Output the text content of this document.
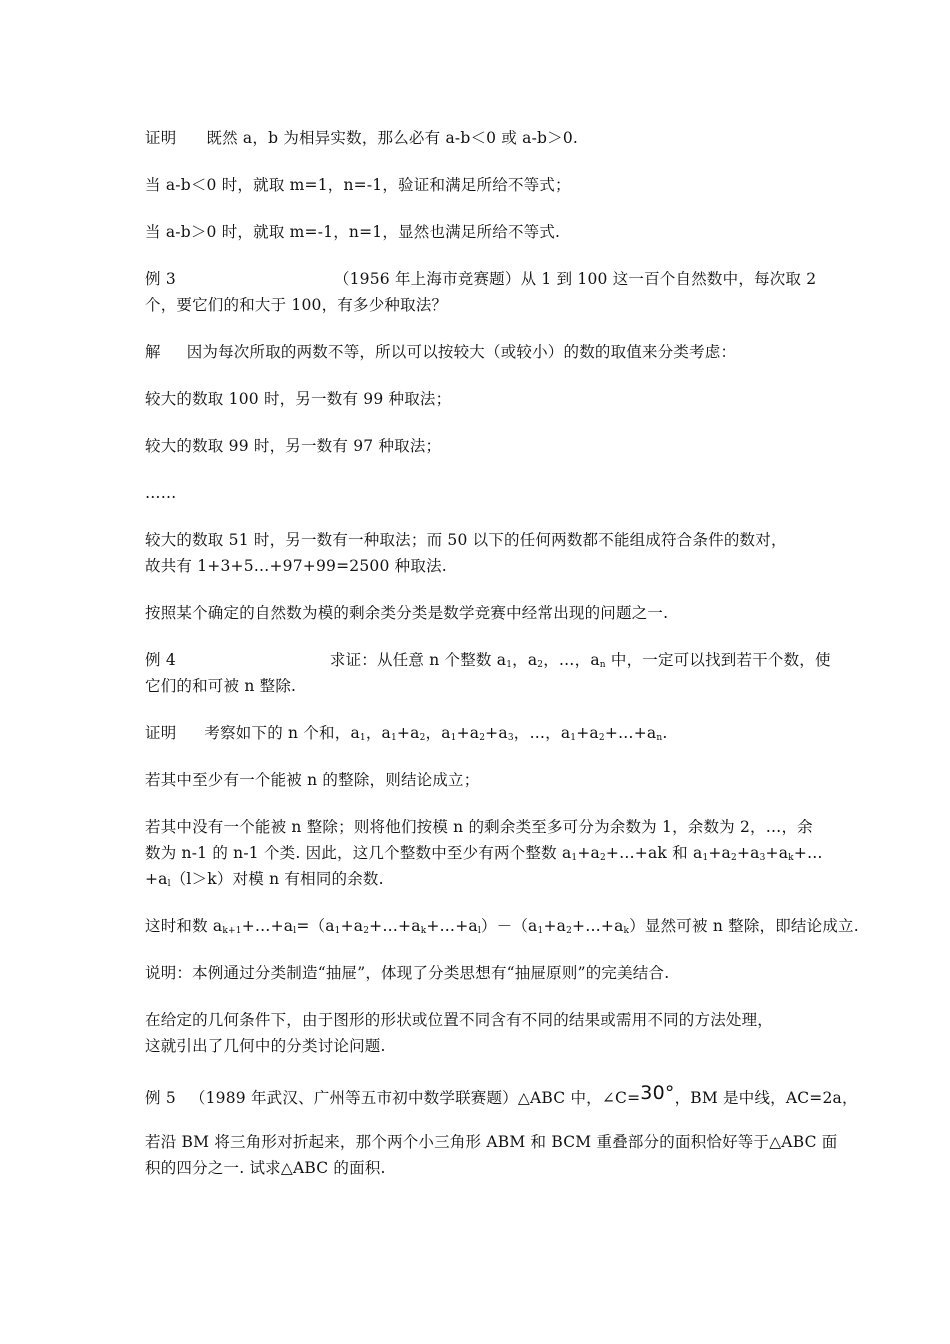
证明 既然 a，b 为相异实数，那么必有 a-b＜0 或 a-b＞0.
当 a-b＜0 时，就取 m=1，n=-1，验证和满足所给不等式；
当 a-b＞0 时，就取 m=-1，n=1，显然也满足所给不等式.
例 3	（1956 年上海市竞赛题）从 1 到 100 这一百个自然数中，每次取 2
个，要它们的和大于 100，有多少种取法？
解 因为每次所取的两数不等，所以可以按较大（或较小）的数的取值来分类考虑：
较大的数取 100 时，另一数有 99 种取法；
较大的数取 99 时，另一数有 97 种取法；
……
较大的数取 51 时，另一数有一种取法；而 50 以下的任何两数都不能组成符合条件的数对，
故共有 1+3+5…+97+99=2500 种取法.
按照某个确定的自然数为模的剩余类分类是数学竞赛中经常出现的问题之一.
例 4	求证：从任意 n 个整数 $a_1$，$a_2$，…，$a_n$ 中，一定可以找到若干个数，使
它们的和可被 n 整除.
证明 考察如下的 n 个和，$a_1$，$a_1+a_2$，$a_1+a_2+a_3$，…，$a_1+a_2+\dots+a_n$.
若其中至少有一个能被 n 的整除，则结论成立；
若其中没有一个能被 n 整除；则将他们按模 n 的剩余类至多可分为余数为 1，余数为 2，…，余
数为 n-1 的 n-1 个类. 因此，这几个整数中至少有两个整数 $a_1+a_2+\dots+ak$ 和 $a_1+a_2+a_3+a_k+\dots$
$+a_l(l>k)$对模 n 有相同的余数.
这时和数 $a_{k+1}+\dots+a_l=(a_1+a_2+\dots+a_k+\dots+a_l)-(a_1+a_2+\dots+a_k)$显然可被 n 整除，即结论成立.
说明：本例通过分类制造“抽屉”，体现了分类思想有“抽屉原则”的完美结合.
在给定的几何条件下，由于图形的形状或位置不同含有不同的结果或需用不同的方法处理，
这就引出了几何中的分类讨论问题.
例 5 （1989 年武汉、广州等五市初中数学联赛题）△ABC 中，∠C=30°，BM 是中线，AC=2a，
若沿 BM 将三角形对折起来，那个两个小三角形 ABM 和 BCM 重叠部分的面积恰好等于△ABC 面
积的四分之一. 试求△ABC 的面积.
